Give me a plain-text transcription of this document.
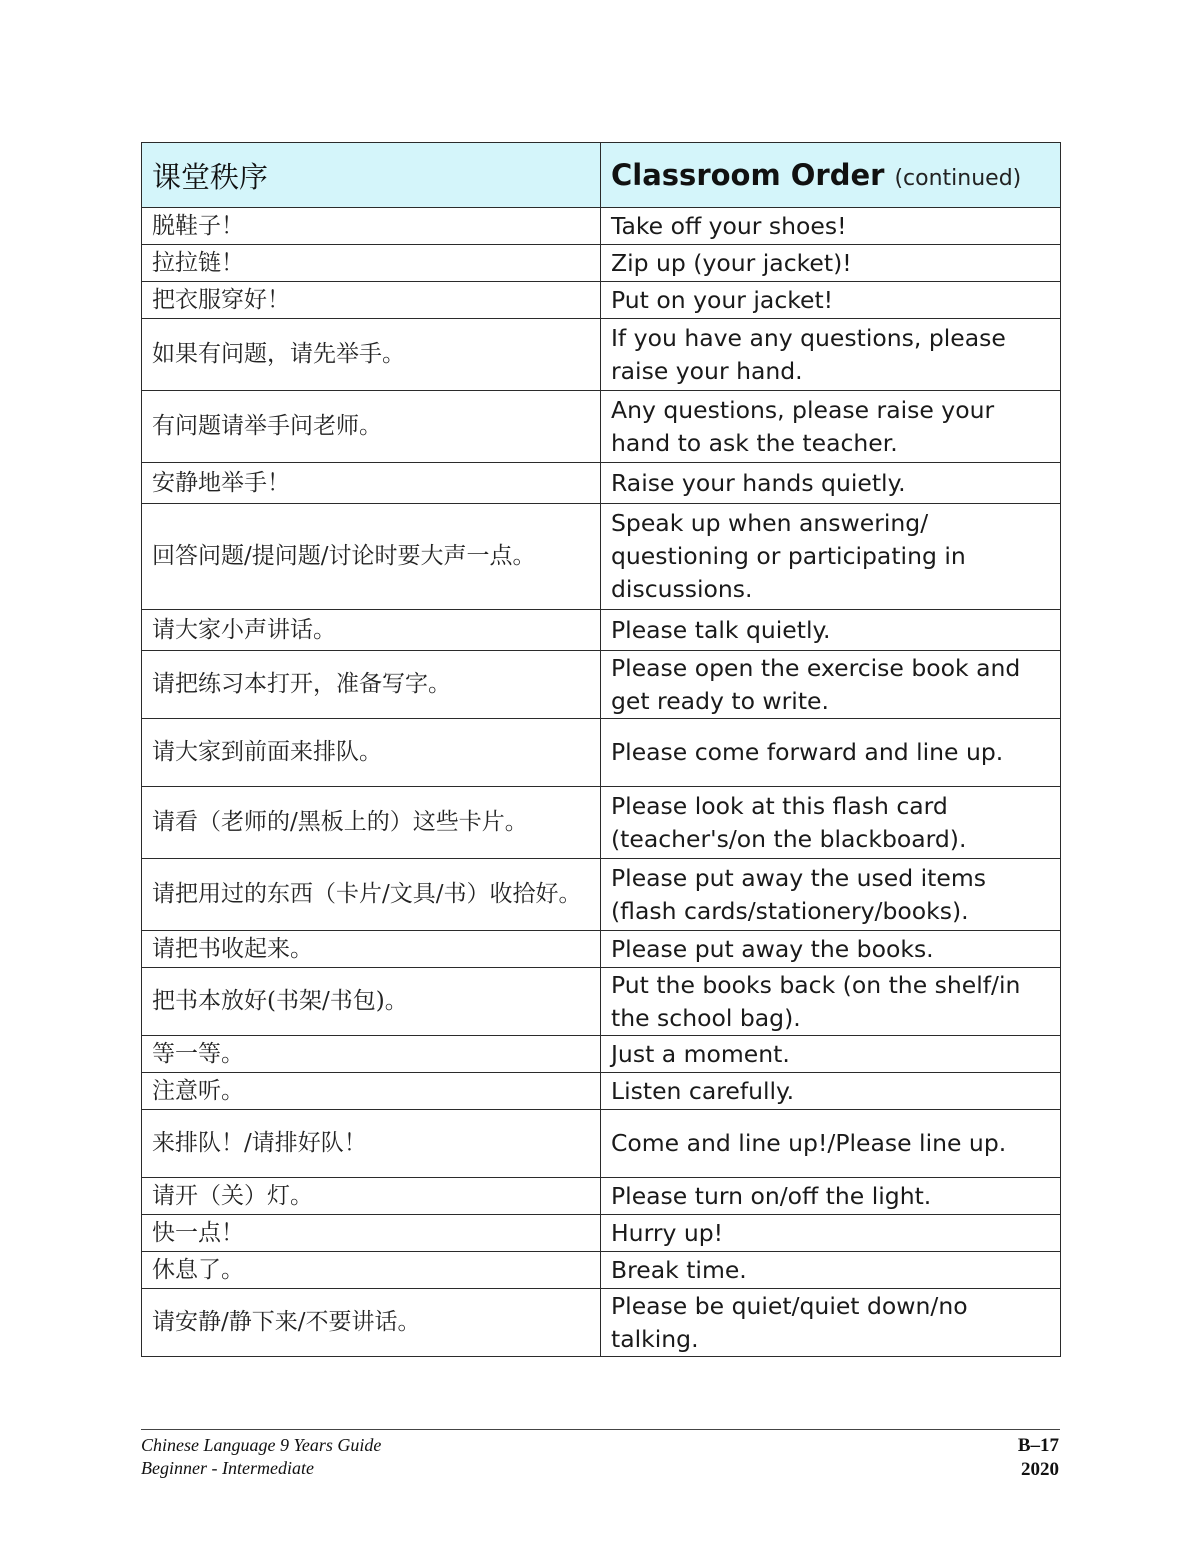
课堂秩序	Classroom Order (continued)
脱鞋子！	Take off your shoes!
拉拉链！	Zip up (your jacket)!
把衣服穿好！	Put on your jacket!
如果有问题，请先举手。	If you have any questions, please raise your hand.
有问题请举手问老师。	Any questions, please raise your hand to ask the teacher.
安静地举手！	Raise your hands quietly.
回答问题/提问题/讨论时要大声一点。	Speak up when answering/ questioning or participating in discussions.
请大家小声讲话。	Please talk quietly.
请把练习本打开，准备写字。	Please open the exercise book and get ready to write.
请大家到前面来排队。	Please come forward and line up.
请看（老师的/黑板上的）这些卡片。	Please look at this flash card (teacher's/on the blackboard).
请把用过的东西（卡片/文具/书）收拾好。	Please put away the used items (flash cards/stationery/books).
请把书收起来。	Please put away the books.
把书本放好(书架/书包)。	Put the books back (on the shelf/in the school bag).
等一等。	Just a moment.
注意听。	Listen carefully.
来排队！/请排好队！	Come and line up!/Please line up.
请开（关）灯。	Please turn on/off the light.
快一点！	Hurry up!
休息了。	Break time.
请安静/静下来/不要讲话。	Please be quiet/quiet down/no talking.
Chinese Language 9 Years Guide
Beginner - Intermediate
B–17
2020
